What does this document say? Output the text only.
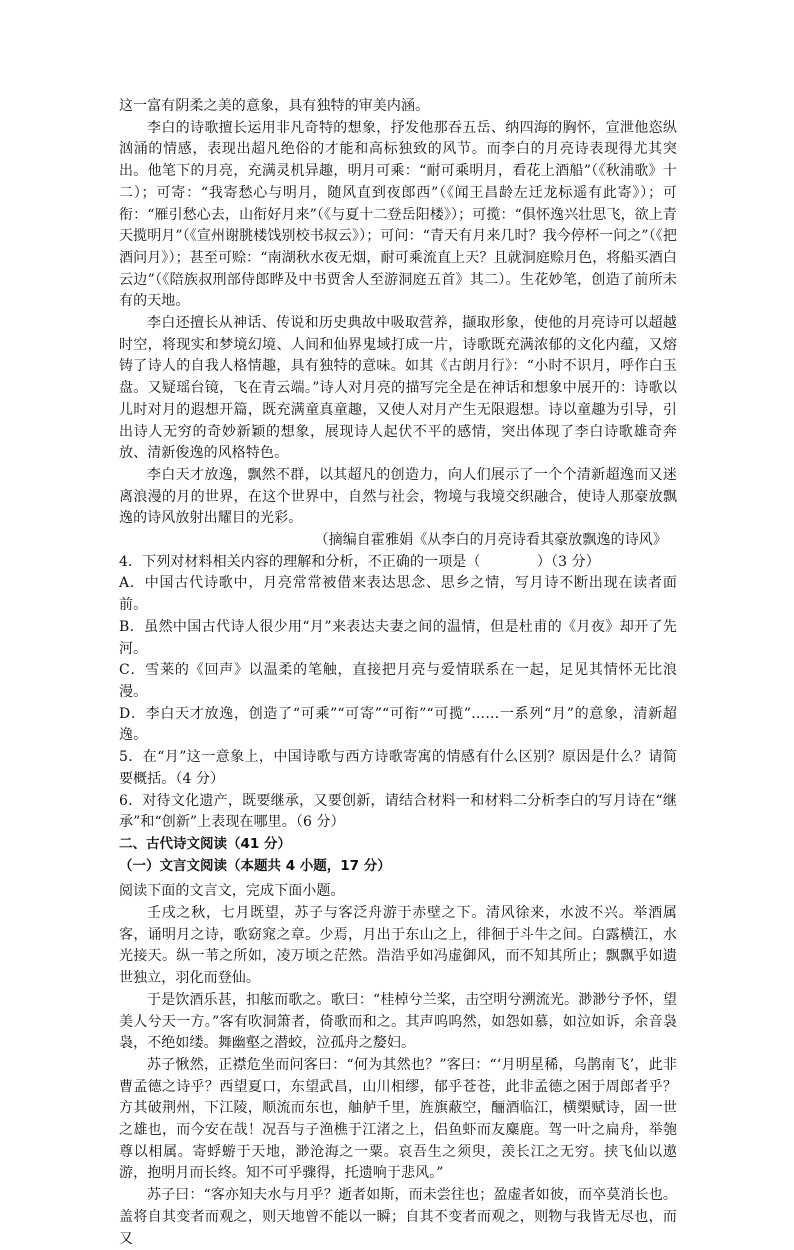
这一富有阴柔之美的意象，具有独特的审美内涵。

李白的诗歌擅长运用非凡奇特的想象，抒发他那吞五岳、纳四海的胸怀，宣泄他恣纵汹涌的情感，表现出超凡绝俗的才能和高标独致的风节。而李白的月亮诗表现得尤其突出。他笔下的月亮，充满灵机异趣，明月可乘：“耐可乘明月，看花上酒船”（《秋浦歌》十二）；可寄：“我寄愁心与明月，随风直到夜郎西”（《闻王昌龄左迁龙标遥有此寄》）；可衔：“雁引愁心去，山衔好月来”（《与夏十二登岳阳楼》）；可揽：“俱怀逸兴壮思飞，欲上青天揽明月”（《宣州谢朓楼饯别校书叔云》）；可问：“青天有月来几时？我今停杯一问之”（《把酒问月》）；甚至可赊：“南湖秋水夜无烟，耐可乘流直上天？且就洞庭赊月色，将船买酒白云边”（《陪族叔刑部侍郎晔及中书贾舍人至游洞庭五首》其二）。生花妙笔，创造了前所未有的天地。

李白还擅长从神话、传说和历史典故中吸取营养，撷取形象，使他的月亮诗可以超越时空，将现实和梦境幻境、人间和仙界鬼域打成一片，诗歌既充满浓郁的文化内蕴，又熔铸了诗人的自我人格情趣，具有独特的意味。如其《古朗月行》：“小时不识月，呼作白玉盘。又疑瑶台镜，飞在青云端。”诗人对月亮的描写完全是在神话和想象中展开的：诗歌以儿时对月的遐想开篇，既充满童真童趣，又使人对月产生无限遐想。诗以童趣为引导，引出诗人无穷的奇妙新颖的想象，展现诗人起伏不平的感情，突出体现了李白诗歌雄奇奔放、清新俊逸的风格特色。

李白天才放逸，飘然不群，以其超凡的创造力，向人们展示了一个个清新超逸而又迷离浪漫的月的世界，在这个世界中，自然与社会，物境与我境交织融合，使诗人那豪放飘逸的诗风放射出耀目的光彩。

（摘编自霍雅娟《从李白的月亮诗看其豪放飘逸的诗风》

4．下列对材料相关内容的理解和分析，不正确的一项是（　　　　）（3 分）

A．中国古代诗歌中，月亮常常被借来表达思念、思乡之情，写月诗不断出现在读者面前。

B．虽然中国古代诗人很少用“月”来表达夫妻之间的温情，但是杜甫的《月夜》却开了先河。

C．雪莱的《回声》以温柔的笔触，直接把月亮与爱情联系在一起，足见其情怀无比浪漫。

D．李白天才放逸，创造了“可乘”“可寄”“可衔”“可揽”……一系列“月”的意象，清新超逸。

5．在“月”这一意象上，中国诗歌与西方诗歌寄寓的情感有什么区别？原因是什么？请简要概括。（4 分）

6．对待文化遗产，既要继承，又要创新，请结合材料一和材料二分析李白的写月诗在“继承”和“创新”上表现在哪里。（6 分）

二、古代诗文阅读（41 分）

（一）文言文阅读（本题共 4 小题，17 分）

阅读下面的文言文，完成下面小题。

壬戌之秋，七月既望，苏子与客泛舟游于赤壁之下。清风徐来，水波不兴。举酒属客，诵明月之诗，歌窈窕之章。少焉，月出于东山之上，徘徊于斗牛之间。白露横江，水光接天。纵一苇之所如，凌万顷之茫然。浩浩乎如冯虚御风，而不知其所止；飘飘乎如遗世独立，羽化而登仙。

于是饮酒乐甚，扣舷而歌之。歌曰：“桂棹兮兰桨，击空明兮溯流光。渺渺兮予怀，望美人兮天一方。”客有吹洞箫者，倚歌而和之。其声呜呜然，如怨如慕，如泣如诉，余音袅袅，不绝如缕。舞幽壑之潜蛟，泣孤舟之嫠妇。

苏子愀然，正襟危坐而问客曰：“何为其然也？”客曰：“‘月明星稀，乌鹊南飞’，此非曹孟德之诗乎？西望夏口，东望武昌，山川相缪，郁乎苍苍，此非孟德之困于周郎者乎？方其破荆州，下江陵，顺流而东也，舳舻千里，旌旗蔽空，酾酒临江，横槊赋诗，固一世之雄也，而今安在哉！况吾与子渔樵于江渚之上，侣鱼虾而友麋鹿。驾一叶之扁舟，举匏尊以相属。寄蜉蝣于天地，渺沧海之一粟。哀吾生之须臾，羡长江之无穷。挟飞仙以遨游，抱明月而长终。知不可乎骤得，托遗响于悲风。”

苏子曰：“客亦知夫水与月乎？逝者如斯，而未尝往也；盈虚者如彼，而卒莫消长也。盖将自其变者而观之，则天地曾不能以一瞬；自其不变者而观之，则物与我皆无尽也，而又
